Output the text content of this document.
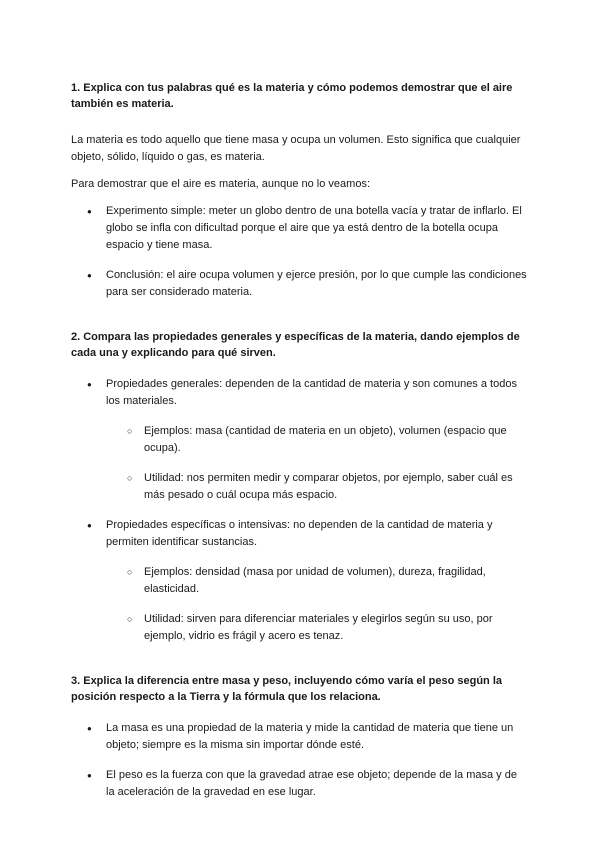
1. Explica con tus palabras qué es la materia y cómo podemos demostrar que el aire también es materia.

La materia es todo aquello que tiene masa y ocupa un volumen. Esto significa que cualquier objeto, sólido, líquido o gas, es materia.

Para demostrar que el aire es materia, aunque no lo veamos:

● Experimento simple: meter un globo dentro de una botella vacía y tratar de inflarlo. El globo se infla con dificultad porque el aire que ya está dentro de la botella ocupa espacio y tiene masa.
● Conclusión: el aire ocupa volumen y ejerce presión, por lo que cumple las condiciones para ser considerado materia.

2. Compara las propiedades generales y específicas de la materia, dando ejemplos de cada una y explicando para qué sirven.

● Propiedades generales: dependen de la cantidad de materia y son comunes a todos los materiales.
○ Ejemplos: masa (cantidad de materia en un objeto), volumen (espacio que ocupa).
○ Utilidad: nos permiten medir y comparar objetos, por ejemplo, saber cuál es más pesado o cuál ocupa más espacio.
● Propiedades específicas o intensivas: no dependen de la cantidad de materia y permiten identificar sustancias.
○ Ejemplos: densidad (masa por unidad de volumen), dureza, fragilidad, elasticidad.
○ Utilidad: sirven para diferenciar materiales y elegirlos según su uso, por ejemplo, vidrio es frágil y acero es tenaz.

3. Explica la diferencia entre masa y peso, incluyendo cómo varía el peso según la posición respecto a la Tierra y la fórmula que los relaciona.

● La masa es una propiedad de la materia y mide la cantidad de materia que tiene un objeto; siempre es la misma sin importar dónde esté.
● El peso es la fuerza con que la gravedad atrae ese objeto; depende de la masa y de la aceleración de la gravedad en ese lugar.
